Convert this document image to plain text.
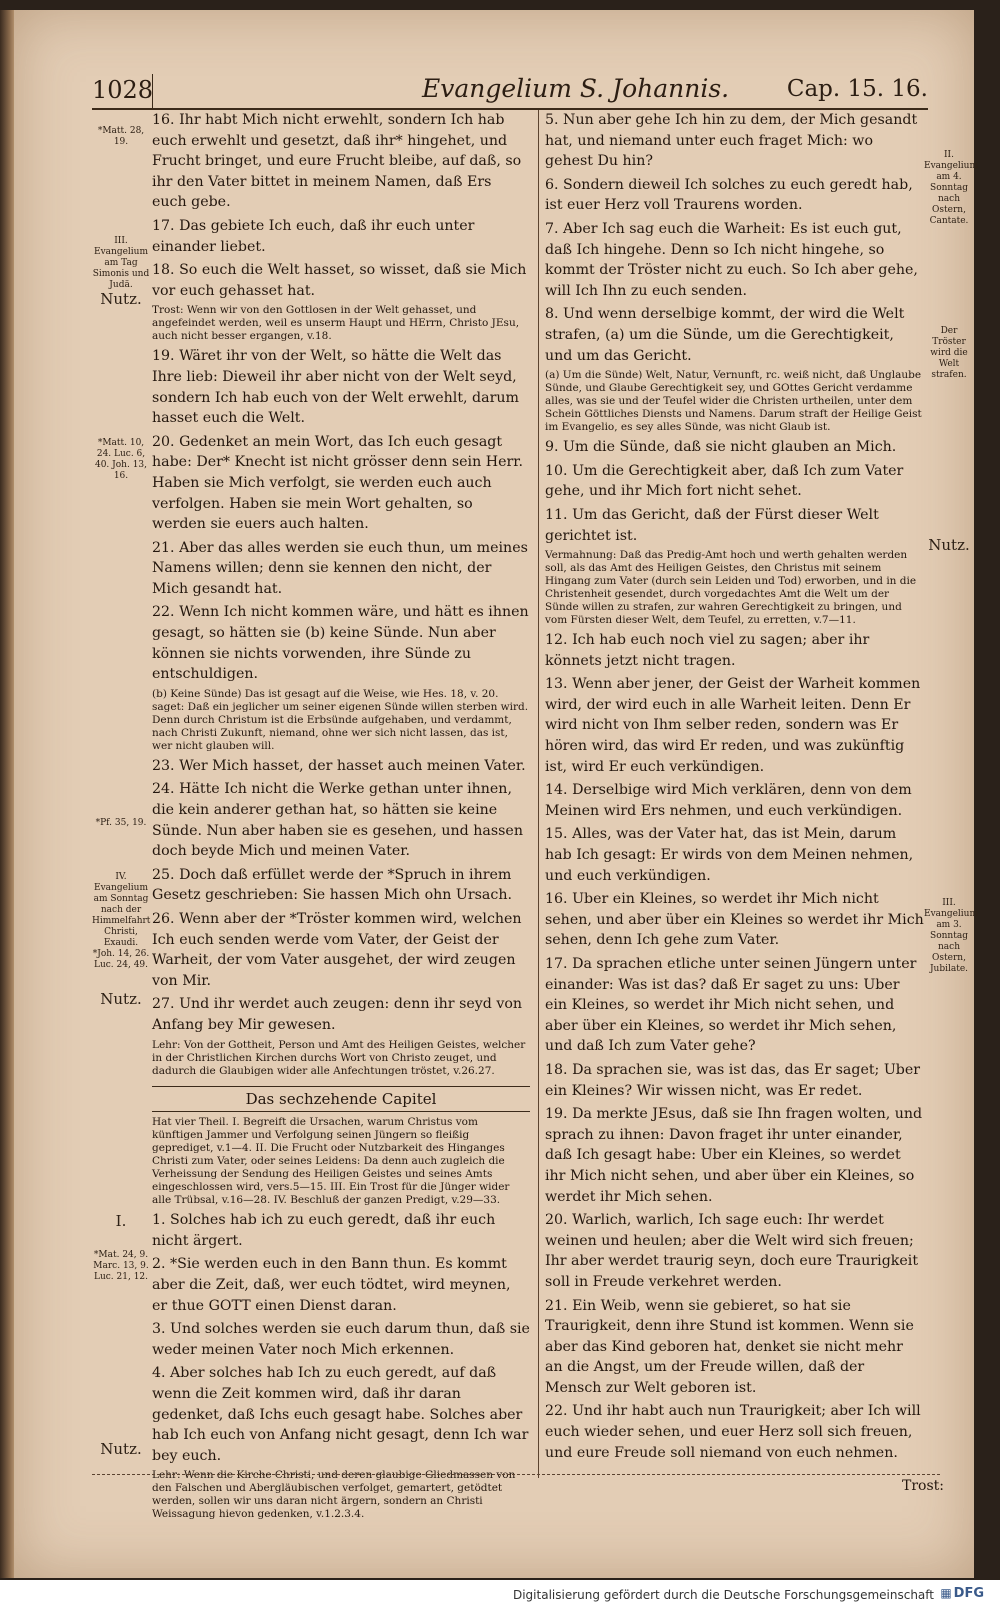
1028	Evangelium S. Johannis.	Cap. 15. 16.
*Matt. 28, 19.
III. Evangelium am Tag Simonis und Judä.
Nutz.
*Matt. 10, 24. Luc. 6, 40. Joh. 13, 16.
*Pf. 35, 19.
IV. Evangelium am Sonntag nach der Himmelfahrt Christi, Exaudi. *Joh. 14, 26. Luc. 24, 49.
Nutz.
I.
*Mat. 24, 9. Marc. 13, 9. Luc. 21, 12.
Nutz.
II. Evangelium am 4. Sonntag nach Ostern, Cantate.
Der Tröster wird die Welt strafen.
Nutz.
III. Evangelium am 3. Sonntag nach Ostern, Jubilate.

16. Ihr habt Mich nicht erwehlt, sondern Ich hab euch erwehlt und gesetzt, daß ihr* hingehet, und Frucht bringet, und eure Frucht bleibe, auf daß, so ihr den Vater bittet in meinem Namen, daß Ers euch gebe.

17. Das gebiete Ich euch, daß ihr euch unter einander liebet.

18. So euch die Welt hasset, so wisset, daß sie Mich vor euch gehasset hat.

Trost: Wenn wir von den Gottlosen in der Welt gehasset, und angefeindet werden, weil es unserm Haupt und HErrn, Christo JEsu, auch nicht besser ergangen, v.18.

19. Wäret ihr von der Welt, so hätte die Welt das Ihre lieb: Dieweil ihr aber nicht von der Welt seyd, sondern Ich hab euch von der Welt erwehlt, darum hasset euch die Welt.

20. Gedenket an mein Wort, das Ich euch gesagt habe: Der* Knecht ist nicht grösser denn sein Herr. Haben sie Mich verfolgt, sie werden euch auch verfolgen. Haben sie mein Wort gehalten, so werden sie euers auch halten.

21. Aber das alles werden sie euch thun, um meines Namens willen; denn sie kennen den nicht, der Mich gesandt hat.

22. Wenn Ich nicht kommen wäre, und hätt es ihnen gesagt, so hätten sie (b) keine Sünde. Nun aber können sie nichts vorwenden, ihre Sünde zu entschuldigen.

(b) Keine Sünde) Das ist gesagt auf die Weise, wie Hes. 18, v. 20. saget: Daß ein jeglicher um seiner eigenen Sünde willen sterben wird. Denn durch Christum ist die Erbsünde aufgehaben, und verdammt, nach Christi Zukunft, niemand, ohne wer sich nicht lassen, das ist, wer nicht glauben will.

23. Wer Mich hasset, der hasset auch meinen Vater.

24. Hätte Ich nicht die Werke gethan unter ihnen, die kein anderer gethan hat, so hätten sie keine Sünde. Nun aber haben sie es gesehen, und hassen doch beyde Mich und meinen Vater.

25. Doch daß erfüllet werde der *Spruch in ihrem Gesetz geschrieben: Sie hassen Mich ohn Ursach.

26. Wenn aber der *Tröster kommen wird, welchen Ich euch senden werde vom Vater, der Geist der Warheit, der vom Vater ausgehet, der wird zeugen von Mir.

27. Und ihr werdet auch zeugen: denn ihr seyd von Anfang bey Mir gewesen.

Lehr: Von der Gottheit, Person und Amt des Heiligen Geistes, welcher in der Christlichen Kirchen durchs Wort von Christo zeuget, und dadurch die Glaubigen wider alle Anfechtungen tröstet, v.26.27.

Das sechzehende Capitel

Hat vier Theil. I. Begreift die Ursachen, warum Christus vom künftigen Jammer und Verfolgung seinen Jüngern so fleißig geprediget, v.1—4. II. Die Frucht oder Nutzbarkeit des Hinganges Christi zum Vater, oder seines Leidens: Da denn auch zugleich die Verheissung der Sendung des Heiligen Geistes und seines Amts eingeschlossen wird, vers.5—15. III. Ein Trost für die Jünger wider alle Trübsal, v.16—28. IV. Beschluß der ganzen Predigt, v.29—33.

1. Solches hab ich zu euch geredt, daß ihr euch nicht ärgert.

2. *Sie werden euch in den Bann thun. Es kommt aber die Zeit, daß, wer euch tödtet, wird meynen, er thue GOTT einen Dienst daran.

3. Und solches werden sie euch darum thun, daß sie weder meinen Vater noch Mich erkennen.

4. Aber solches hab Ich zu euch geredt, auf daß wenn die Zeit kommen wird, daß ihr daran gedenket, daß Ichs euch gesagt habe. Solches aber hab Ich euch von Anfang nicht gesagt, denn Ich war bey euch.

Lehr: Wenn die Kirche Christi, und deren glaubige Gliedmassen von den Falschen und Abergläubischen verfolget, gemartert, getödtet werden, sollen wir uns daran nicht ärgern, sondern an Christi Weissagung hievon gedenken, v.1.2.3.4.

5. Nun aber gehe Ich hin zu dem, der Mich gesandt hat, und niemand unter euch fraget Mich: wo gehest Du hin?

6. Sondern dieweil Ich solches zu euch geredt hab, ist euer Herz voll Traurens worden.

7. Aber Ich sag euch die Warheit: Es ist euch gut, daß Ich hingehe. Denn so Ich nicht hingehe, so kommt der Tröster nicht zu euch. So Ich aber gehe, will Ich Ihn zu euch senden.

8. Und wenn derselbige kommt, der wird die Welt strafen, (a) um die Sünde, um die Gerechtigkeit, und um das Gericht.

(a) Um die Sünde) Welt, Natur, Vernunft, rc. weiß nicht, daß Unglaube Sünde, und Glaube Gerechtigkeit sey, und GOttes Gericht verdamme alles, was sie und der Teufel wider die Christen urtheilen, unter dem Schein Göttliches Diensts und Namens. Darum straft der Heilige Geist im Evangelio, es sey alles Sünde, was nicht Glaub ist.

9. Um die Sünde, daß sie nicht glauben an Mich.

10. Um die Gerechtigkeit aber, daß Ich zum Vater gehe, und ihr Mich fort nicht sehet.

11. Um das Gericht, daß der Fürst dieser Welt gerichtet ist.

Vermahnung: Daß das Predig-Amt hoch und werth gehalten werden soll, als das Amt des Heiligen Geistes, den Christus mit seinem Hingang zum Vater (durch sein Leiden und Tod) erworben, und in die Christenheit gesendet, durch vorgedachtes Amt die Welt um der Sünde willen zu strafen, zur wahren Gerechtigkeit zu bringen, und vom Fürsten dieser Welt, dem Teufel, zu erretten, v.7—11.

12. Ich hab euch noch viel zu sagen; aber ihr könnets jetzt nicht tragen.

13. Wenn aber jener, der Geist der Warheit kommen wird, der wird euch in alle Warheit leiten. Denn Er wird nicht von Ihm selber reden, sondern was Er hören wird, das wird Er reden, und was zukünftig ist, wird Er euch verkündigen.

14. Derselbige wird Mich verklären, denn von dem Meinen wird Ers nehmen, und euch verkündigen.

15. Alles, was der Vater hat, das ist Mein, darum hab Ich gesagt: Er wirds von dem Meinen nehmen, und euch verkündigen.

16. Uber ein Kleines, so werdet ihr Mich nicht sehen, und aber über ein Kleines so werdet ihr Mich sehen, denn Ich gehe zum Vater.

17. Da sprachen etliche unter seinen Jüngern unter einander: Was ist das? daß Er saget zu uns: Uber ein Kleines, so werdet ihr Mich nicht sehen, und aber über ein Kleines, so werdet ihr Mich sehen, und daß Ich zum Vater gehe?

18. Da sprachen sie, was ist das, das Er saget; Uber ein Kleines? Wir wissen nicht, was Er redet.

19. Da merkte JEsus, daß sie Ihn fragen wolten, und sprach zu ihnen: Davon fraget ihr unter einander, daß Ich gesagt habe: Uber ein Kleines, so werdet ihr Mich nicht sehen, und aber über ein Kleines, so werdet ihr Mich sehen.

20. Warlich, warlich, Ich sage euch: Ihr werdet weinen und heulen; aber die Welt wird sich freuen; Ihr aber werdet traurig seyn, doch eure Traurigkeit soll in Freude verkehret werden.

21. Ein Weib, wenn sie gebieret, so hat sie Traurigkeit, denn ihre Stund ist kommen. Wenn sie aber das Kind geboren hat, denket sie nicht mehr an die Angst, um der Freude willen, daß der Mensch zur Welt geboren ist.

22. Und ihr habt auch nun Traurigkeit; aber Ich will euch wieder sehen, und euer Herz soll sich freuen, und eure Freude soll niemand von euch nehmen.

Trost:
Digitalisierung gefördert durch die Deutsche Forschungsgemeinschaft ▦ DFG
